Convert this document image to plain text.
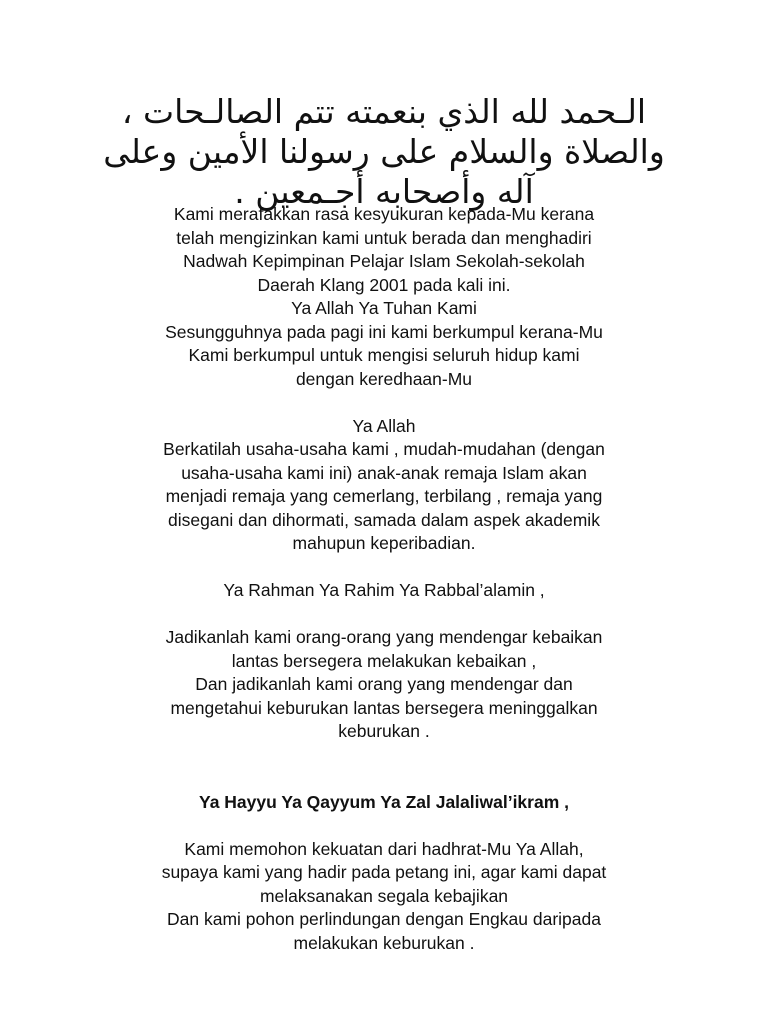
الـحمد لله الذي بنعمته تتم الصالـحات ،
والصلاة والسلام على رسولنا الأمين وعلى
آله وأصحابه أجـمعين .
Kami merafakkan rasa kesyukuran kepada-Mu kerana
telah mengizinkan kami untuk berada dan menghadiri
Nadwah Kepimpinan Pelajar Islam Sekolah-sekolah
Daerah Klang 2001 pada kali ini.
Ya Allah Ya Tuhan Kami
Sesungguhnya pada pagi ini kami berkumpul kerana-Mu
Kami berkumpul untuk mengisi seluruh hidup kami
dengan keredhaan-Mu
Ya Allah
Berkatilah usaha-usaha kami , mudah-mudahan (dengan
usaha-usaha kami ini) anak-anak remaja Islam akan
menjadi remaja yang cemerlang, terbilang , remaja yang
disegani dan dihormati, samada dalam aspek akademik
mahupun keperibadian.
Ya Rahman Ya Rahim Ya Rabbal’alamin ,
Jadikanlah kami orang-orang yang mendengar kebaikan
lantas bersegera melakukan kebaikan ,
Dan jadikanlah kami orang yang mendengar dan
mengetahui keburukan lantas bersegera meninggalkan
keburukan .
Ya Hayyu Ya Qayyum Ya Zal Jalaliwal’ikram ,
Kami memohon kekuatan dari hadhrat-Mu Ya Allah,
supaya kami yang hadir pada petang ini, agar kami dapat
melaksanakan segala kebajikan
Dan kami pohon perlindungan dengan Engkau daripada
melakukan keburukan .
